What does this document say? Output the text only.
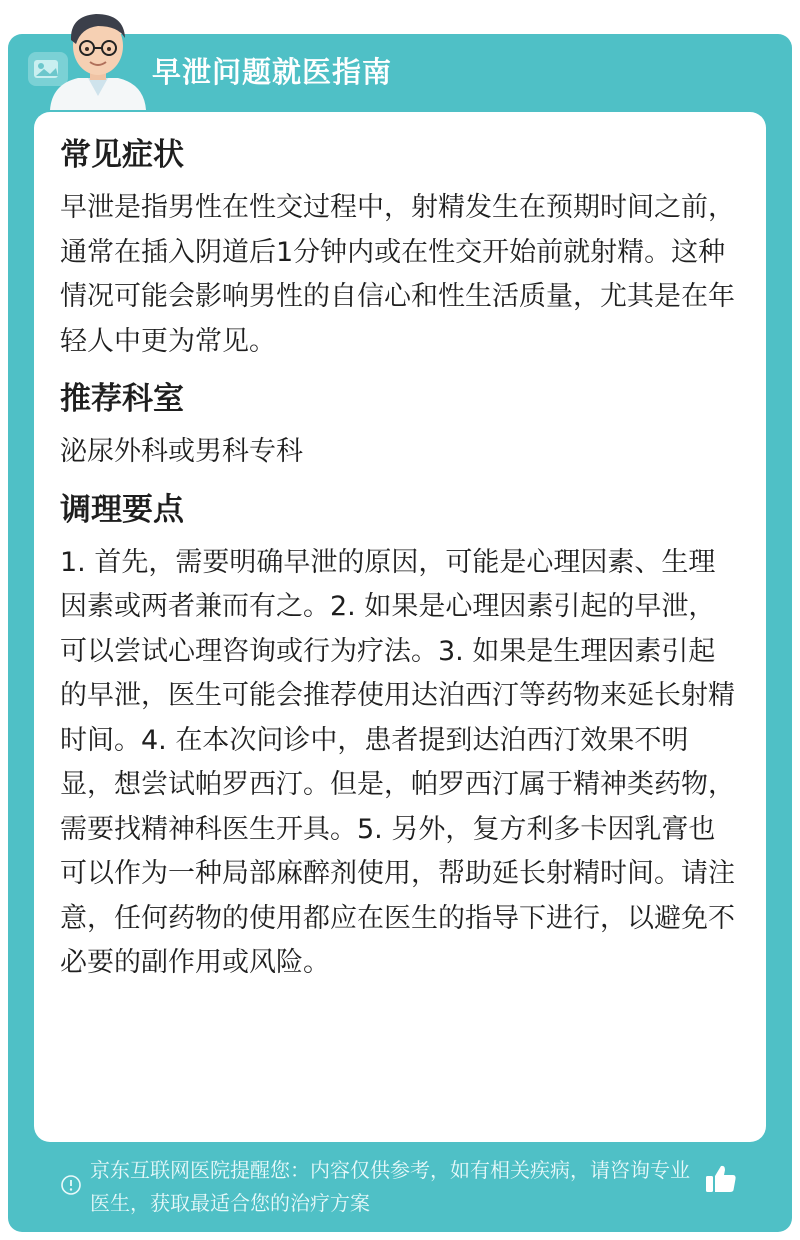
早泄问题就医指南
常见症状

早泄是指男性在性交过程中，射精发生在预期时间之前，通常在插入阴道后1分钟内或在性交开始前就射精。这种情况可能会影响男性的自信心和性生活质量，尤其是在年轻人中更为常见。

推荐科室

泌尿外科或男科专科

调理要点

1. 首先，需要明确早泄的原因，可能是心理因素、生理因素或两者兼而有之。2. 如果是心理因素引起的早泄，可以尝试心理咨询或行为疗法。3. 如果是生理因素引起的早泄，医生可能会推荐使用达泊西汀等药物来延长射精时间。4. 在本次问诊中，患者提到达泊西汀效果不明显，想尝试帕罗西汀。但是，帕罗西汀属于精神类药物，需要找精神科医生开具。5. 另外，复方利多卡因乳膏也可以作为一种局部麻醉剂使用，帮助延长射精时间。请注意，任何药物的使用都应在医生的指导下进行，以避免不必要的副作用或风险。

京东互联网医院提醒您：内容仅供参考，如有相关疾病，请咨询专业医生，获取最适合您的治疗方案
